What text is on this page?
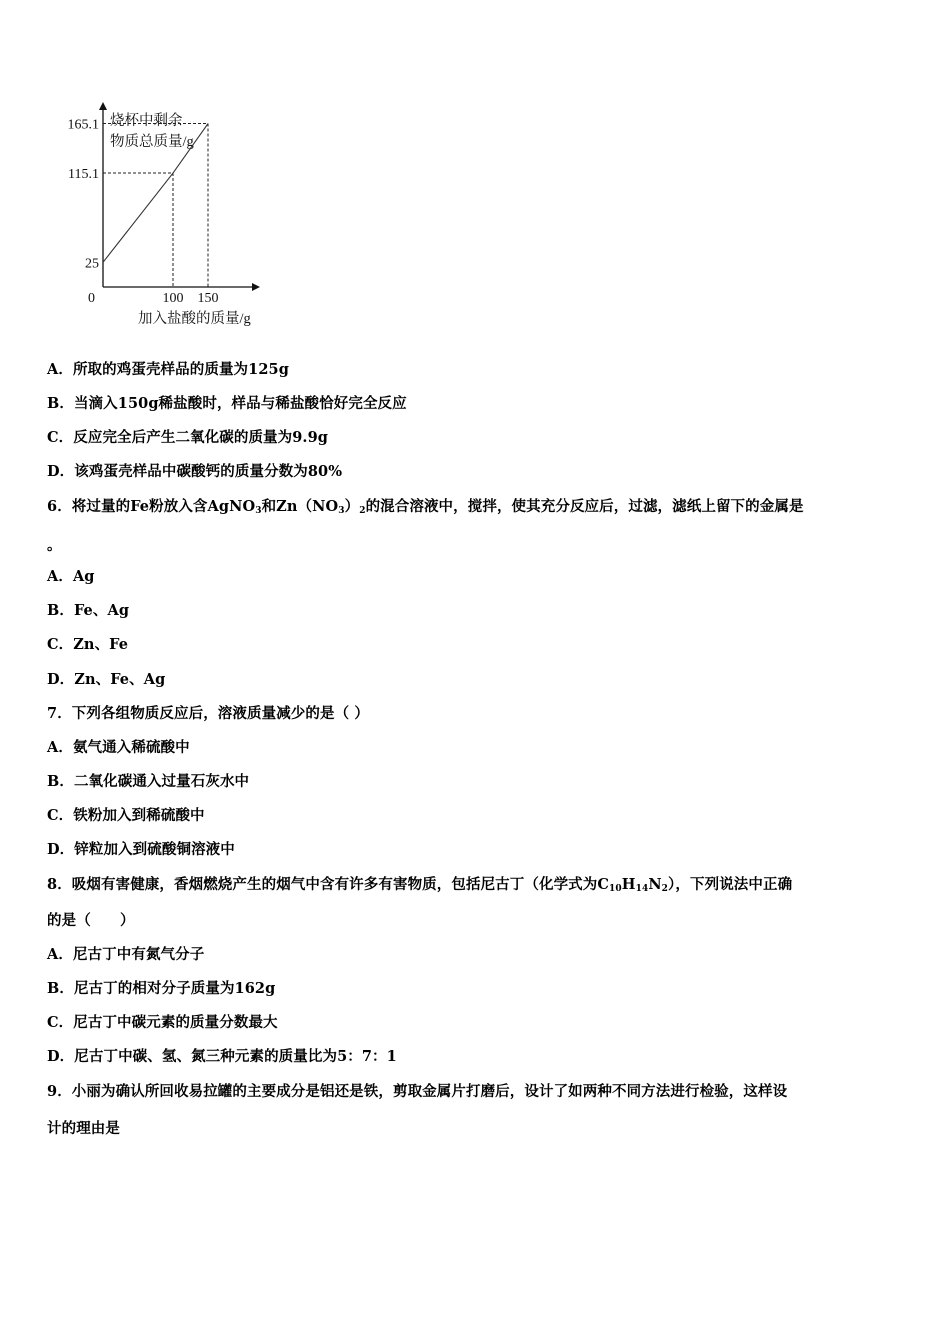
烧杯中剩余
物质总质量/g
加入盐酸的质量/g
0	100 150
25
115.1
165.1
A．所取的鸡蛋壳样品的质量为125g
B．当滴入150g稀盐酸时，样品与稀盐酸恰好完全反应
C．反应完全后产生二氧化碳的质量为9.9g
D．该鸡蛋壳样品中碳酸钙的质量分数为80%
6．将过量的Fe粉放入含AgNO$_3$和$Zn(NO_3)_2$的混合溶液中，搅拌，使其充分反应后，过滤，滤纸上留下的金属是
。
A．Ag
B．Fe、Ag
C．Zn、Fe
D．Zn、Fe、Ag
7．下列各组物质反应后，溶液质量减少的是（ ）
A．氨气通入稀硫酸中
B．二氧化碳通入过量石灰水中
C．铁粉加入到稀硫酸中
D．锌粒加入到硫酸铜溶液中
8．吸烟有害健康，香烟燃烧产生的烟气中含有许多有害物质，包括尼古丁（化学式为$C_{10}H_{14}N_2$），下列说法中正确
的是（　　）
A．尼古丁中有氮气分子
B．尼古丁的相对分子质量为162g
C．尼古丁中碳元素的质量分数最大
D．尼古丁中碳、氢、氮三种元素的质量比为5：7：1
9．小丽为确认所回收易拉罐的主要成分是铝还是铁，剪取金属片打磨后，设计了如两种不同方法进行检验，这样设
计的理由是
